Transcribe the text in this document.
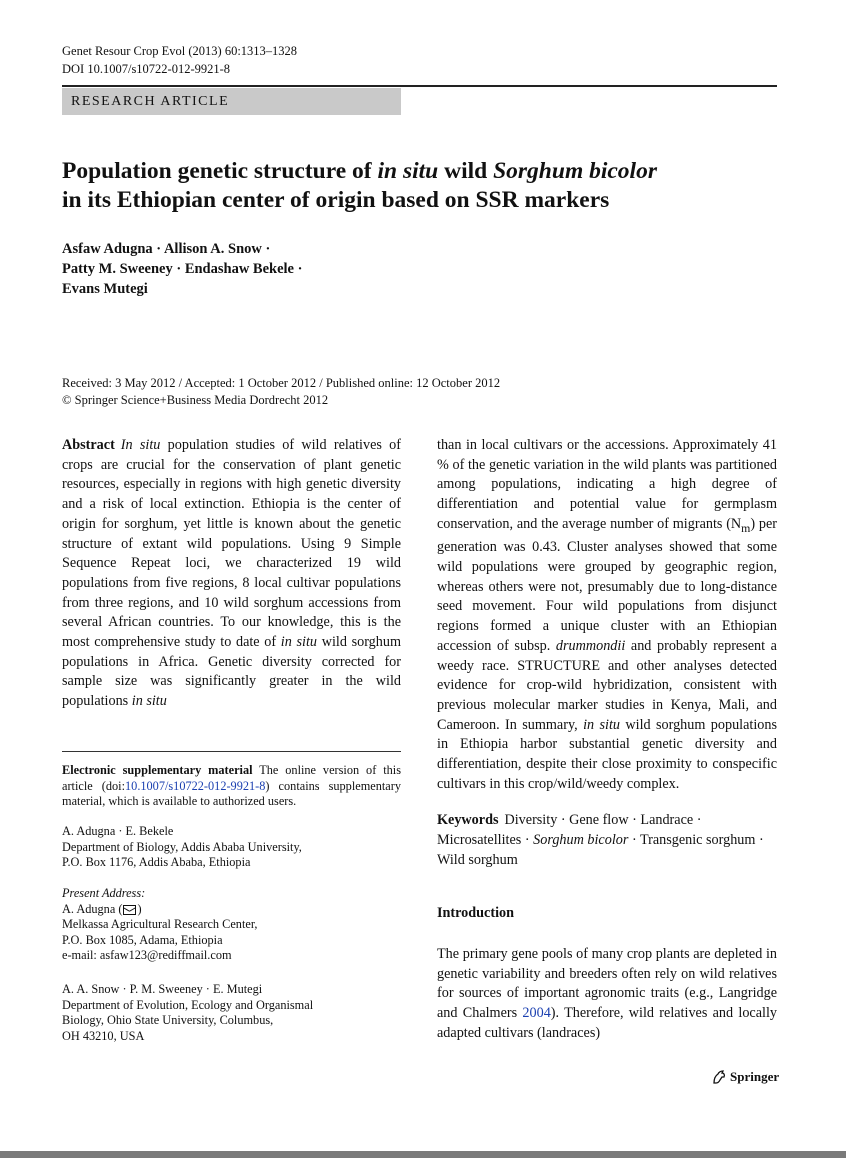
Genet Resour Crop Evol (2013) 60:1313–1328
DOI 10.1007/s10722-012-9921-8
RESEARCH ARTICLE
Population genetic structure of in situ wild Sorghum bicolor
in its Ethiopian center of origin based on SSR markers
Asfaw Adugna · Allison A. Snow ·
Patty M. Sweeney · Endashaw Bekele ·
Evans Mutegi
Received: 3 May 2012 / Accepted: 1 October 2012 / Published online: 12 October 2012
© Springer Science+Business Media Dordrecht 2012

Abstract In situ population studies of wild relatives of crops are crucial for the conservation of plant genetic resources, especially in regions with high genetic diversity and a risk of local extinction. Ethiopia is the center of origin for sorghum, yet little is known about the genetic structure of extant wild populations. Using 9 Simple Sequence Repeat loci, we characterized 19 wild populations from five regions, 8 local cultivar populations from three regions, and 10 wild sorghum accessions from several African countries. To our knowledge, this is the most comprehensive study to date of in situ wild sorghum populations in Africa. Genetic diversity corrected for sample size was significantly greater in the wild populations in situ

than in local cultivars or the accessions. Approximately 41 % of the genetic variation in the wild plants was partitioned among populations, indicating a high degree of differentiation and potential value for germplasm conservation, and the average number of migrants $(N_m)$ per generation was 0.43. Cluster analyses showed that some wild populations were grouped by geographic region, whereas others were not, presumably due to long-distance seed movement. Four wild populations from disjunct regions formed a unique cluster with an Ethiopian accession of subsp. drummondii and probably represent a weedy race. STRUCTURE and other analyses detected evidence for crop-wild hybridization, consistent with previous molecular marker studies in Kenya, Mali, and Cameroon. In summary, in situ wild sorghum populations in Ethiopia harbor substantial genetic diversity and differentiation, despite their close proximity to conspecific cultivars in this crop/wild/weedy complex.

Keywords Diversity · Gene flow · Landrace · Microsatellites · Sorghum bicolor · Transgenic sorghum · Wild sorghum

Electronic supplementary material The online version of this article (doi:10.1007/s10722-012-9921-8) contains supplementary material, which is available to authorized users.

A. Adugna · E. Bekele

Department of Biology, Addis Ababa University,

P.O. Box 1176, Addis Ababa, Ethiopia

Present Address:

A. Adugna ( )

Melkassa Agricultural Research Center,

P.O. Box 1085, Adama, Ethiopia

e-mail: asfaw123@rediffmail.com

A. A. Snow · P. M. Sweeney · E. Mutegi

Department of Evolution, Ecology and Organismal

Biology, Ohio State University, Columbus,

OH 43210, USA

Introduction

The primary gene pools of many crop plants are depleted in genetic variability and breeders often rely on wild relatives for sources of important agronomic traits (e.g., Langridge and Chalmers 2004). Therefore, wild relatives and locally adapted cultivars (landraces)

Springer
